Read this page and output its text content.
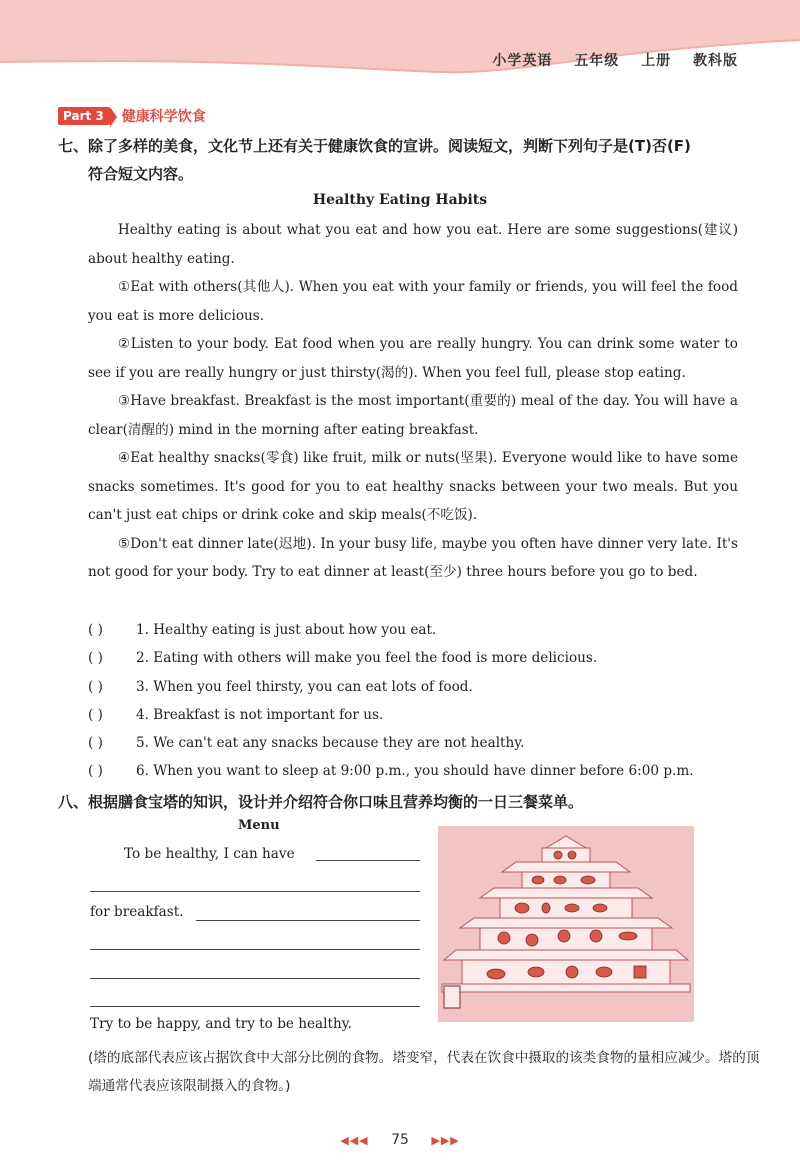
小学英语 五年级 上册 教科版
Part 3	健康科学饮食
七、除了多样的美食，文化节上还有关于健康饮食的宣讲。阅读短文，判断下列句子是(T)否(F)
符合短文内容。
Healthy Eating Habits

Healthy eating is about what you eat and how you eat. Here are some suggestions(建议) about healthy eating.

①Eat with others(其他人). When you eat with your family or friends, you will feel the food you eat is more delicious.

②Listen to your body. Eat food when you are really hungry. You can drink some water to see if you are really hungry or just thirsty(渴的). When you feel full, please stop eating.

③Have breakfast. Breakfast is the most important(重要的) meal of the day. You will have a clear(清醒的) mind in the morning after eating breakfast.

④Eat healthy snacks(零食) like fruit, milk or nuts(坚果). Everyone would like to have some snacks sometimes. It's good for you to eat healthy snacks between your two meals. But you can't just eat chips or drink coke and skip meals(不吃饭).

⑤Don't eat dinner late(迟地). In your busy life, maybe you often have dinner very late. It's not good for your body. Try to eat dinner at least(至少) three hours before you go to bed.

( )	1. Healthy eating is just about how you eat.
( )	2. Eating with others will make you feel the food is more delicious.
( )	3. When you feel thirsty, you can eat lots of food.
( )	4. Breakfast is not important for us.
( )	5. We can't eat any snacks because they are not healthy.
( )	6. When you want to sleep at 9:00 p.m., you should have dinner before 6:00 p.m.
八、根据膳食宝塔的知识，设计并介绍符合你口味且营养均衡的一日三餐菜单。
Menu
To be healthy, I can have
for breakfast.
Try to be happy, and try to be healthy.
(塔的底部代表应该占据饮食中大部分比例的食物。塔变窄，代表在饮食中摄取的该类食物的量相应减少。塔的顶端通常代表应该限制摄入的食物。)
◀◀◀ 75 ▶▶▶
